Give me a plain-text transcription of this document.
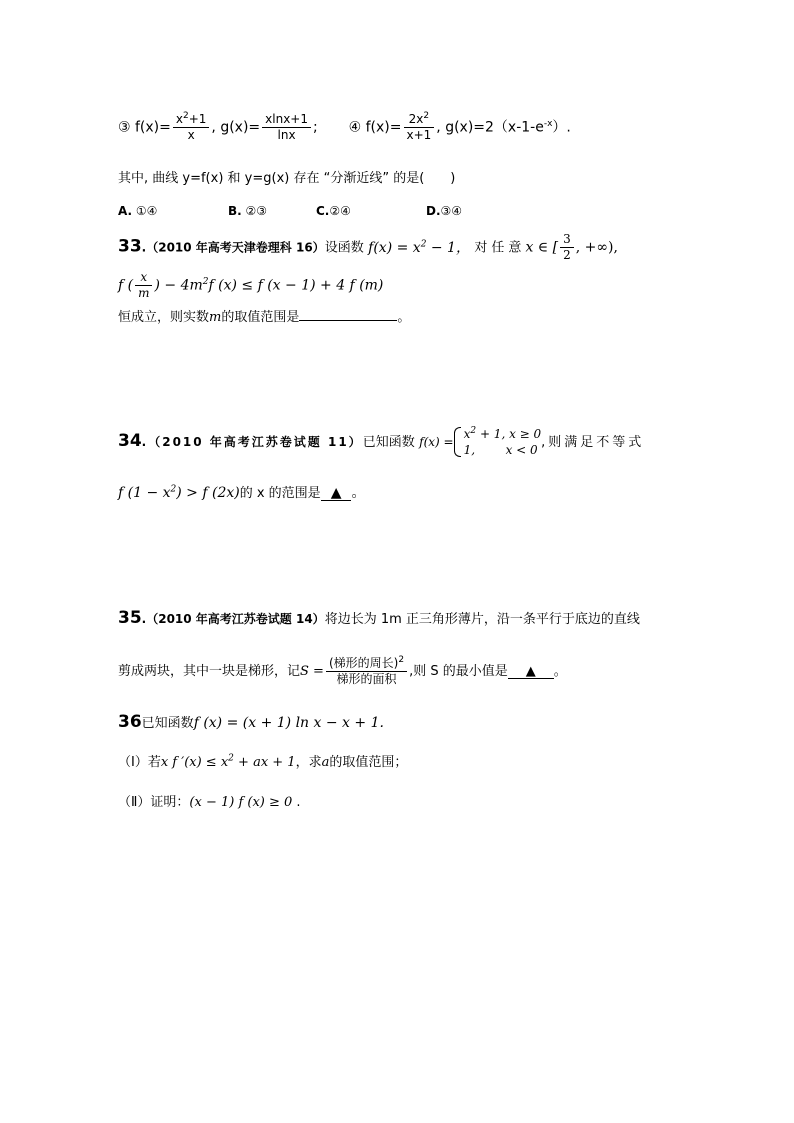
③ $f(x)= \frac{x^2+1}{x}$ , $g(x)= \frac{xlnx+1}{\ln x}$ ; ④ $f(x)= \frac{2x^2}{x+1}$ , $g(x)=2(x-1-e^{-x})$.
其中, 曲线 y=f(x) 和 y=g(x) 存在 “分渐近线” 的是(　　)
A. ①④	B. ②③	C.②④	D.③④
33.（2010 年高考天津卷理科 16）设函数 $f(x) = x^2 - 1$， 对任意x ∈ [ $\frac{3}{2}$ , +∞),
f ( $\frac{x}{m}$ ) − $4m^2f$ (x) ≤ f (x − 1) + 4 f (m)
恒成立，则实数m的取值范围是	。
34.（2010 年高考江苏卷试题 11）已知函数 f(x) =
$x^2 + 1$, x ≥ 0
1,        x < 0 ,则满足不等式
f $(1 - x^2) > f$ (2x)的 x 的范围是 ▲ 。
35.（2010 年高考江苏卷试题 14）将边长为 1m 正三角形薄片，沿一条平行于底边的直线
剪成两块，其中一块是梯形，记$S = \frac{(梯形的周长)^2}{\text{梯形的面积}}$ ,则 S 的最小值是 ▲ 。
36已知函数f (x) = (x + 1) ln x − x + 1.
（Ⅰ）若x f $'(x) \le x^2$ + ax + 1，求a的取值范围；
（Ⅱ）证明：(x − 1) f (x) ≥ 0 .
